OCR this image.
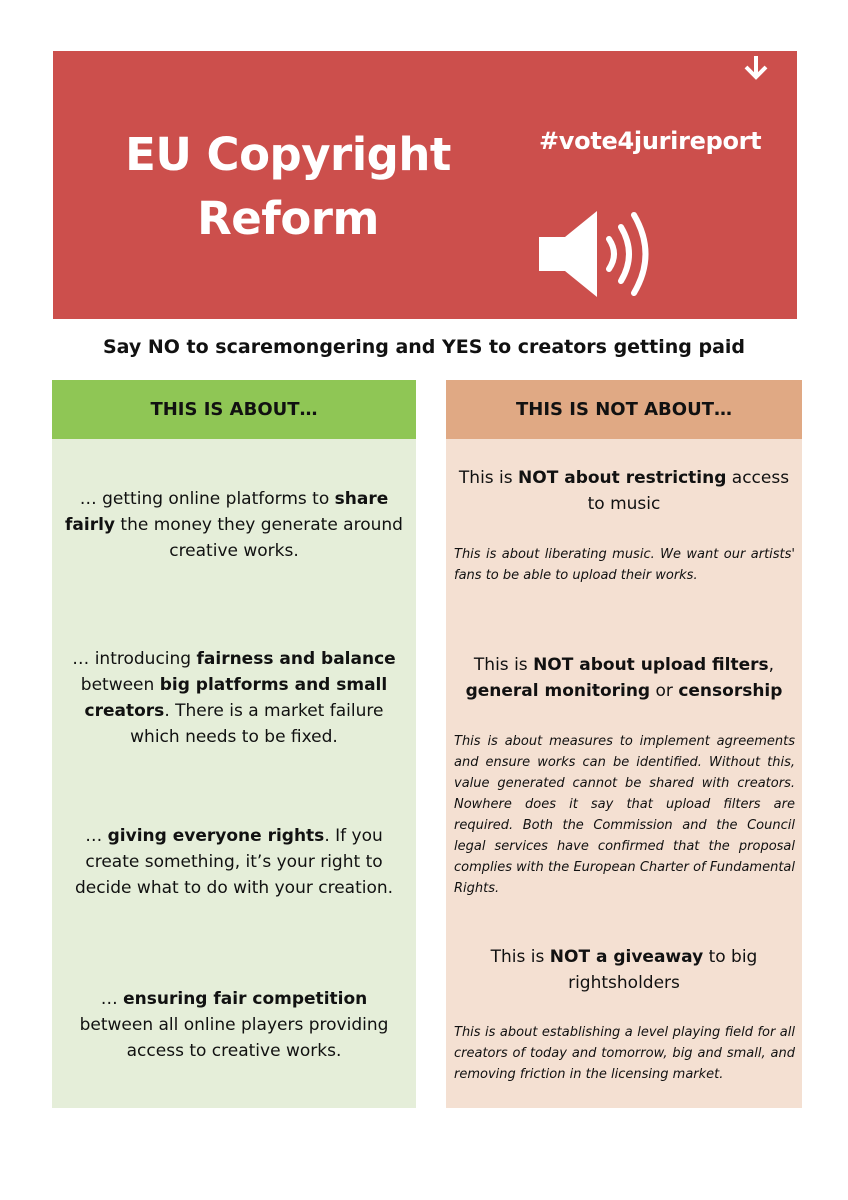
EU Copyright
Reform
#vote4jurireport
Say NO to scaremongering and YES to creators getting paid
THIS IS ABOUT…
… getting online platforms to share fairly the money they generate around creative works.
… introducing fairness and balance between big platforms and small creators. There is a market failure which needs to be fixed.
… giving everyone rights. If you create something, it’s your right to decide what to do with your creation.
… ensuring fair competition between all online players providing access to creative works.
THIS IS NOT ABOUT…
This is NOT about restricting access to music
This is about liberating music. We want our artists' fans to be able to upload their works.
This is NOT about upload filters, general monitoring or censorship
This is about measures to implement agreements and ensure works can be identified. Without this, value generated cannot be shared with creators. Nowhere does it say that upload filters are required. Both the Commission and the Council legal services have confirmed that the proposal complies with the European Charter of Fundamental Rights.
This is NOT a giveaway to big rightsholders
This is about establishing a level playing field for all creators of today and tomorrow, big and small, and removing friction in the licensing market.
